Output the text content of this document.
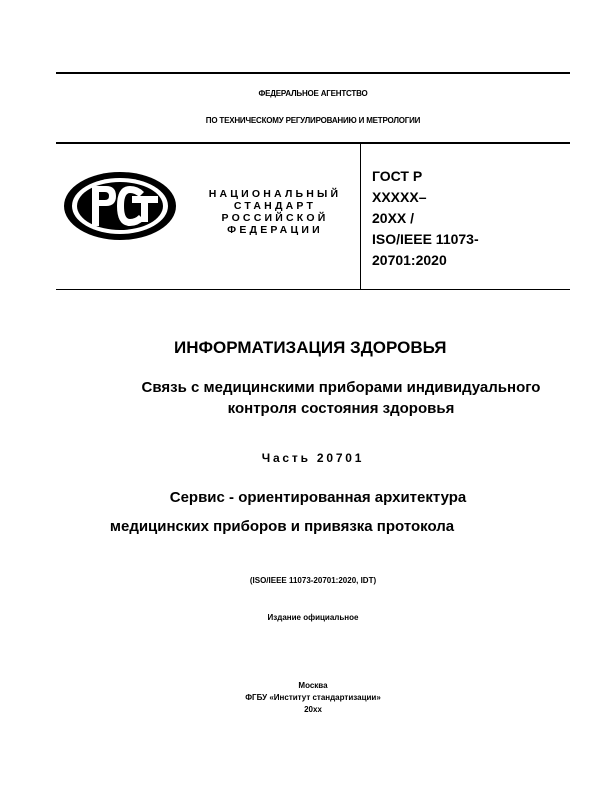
ФЕДЕРАЛЬНОЕ АГЕНТСТВО
ПО ТЕХНИЧЕСКОМУ РЕГУЛИРОВАНИЮ И МЕТРОЛОГИИ
НАЦИОНАЛЬНЫЙ
СТАНДАРТ
РОССИЙСКОЙ
ФЕДЕРАЦИИ
ГОСТ Р
XXXXX–
20XX /
ISO/IEEE 11073-
20701:2020
ИНФОРМАТИЗАЦИЯ ЗДОРОВЬЯ
Связь с медицинскими приборами индивидуального
контроля состояния здоровья
Часть 20701
Сервис - ориентированная архитектура
медицинских приборов и привязка протокола
(ISO/IEEE 11073-20701:2020, IDT)
Издание официальное
Москва
ФГБУ «Институт стандартизации»
20хх
